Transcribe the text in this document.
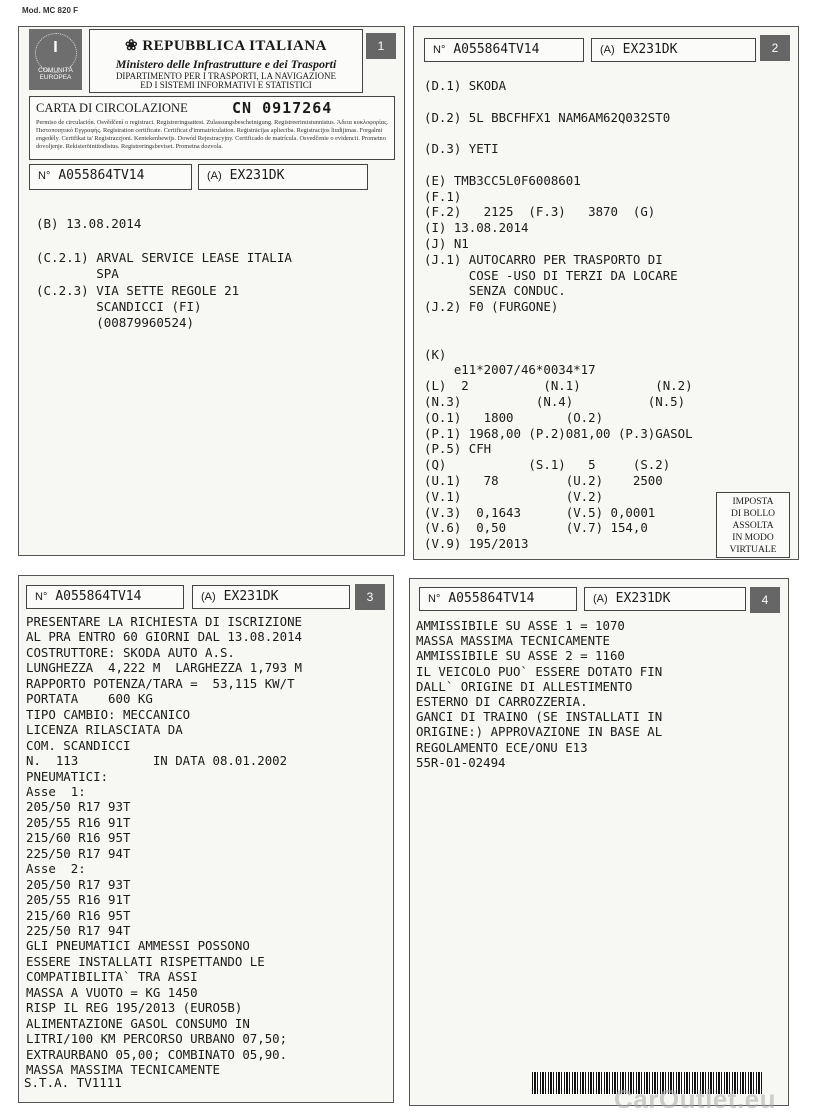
Mod. MC 820 F
1
I
COMUNITÀ
EUROPEA
❀ REPUBBLICA ITALIANA
Ministero delle Infrastrutture e dei Trasporti
DIPARTIMENTO PER I TRASPORTI, LA NAVIGAZIONE
ED I SISTEMI INFORMATIVI E STATISTICI
CARTA DI CIRCOLAZIONE	CN 0917264
Permiso de circulación. Osvědčení o registraci. Registreringsattest. Zulassungsbescheinigung. Registreerimistunnistus. Άδεια κυκλοφορίας. Πιστοποιητικό Εγγραφής. Registration certificate. Certificat d'immatriculation. Reģistrācijas apliecība. Registracijos liudijimas. Forgalmi engedély. Certifikat ta' Registrazzjoni. Kentekenbewijs. Dowód Rejestracyjny. Certificado de matrícula. Osvedčenie o evidencii. Prometno dovoljenje. Rekisteröintitodistus. Registreringsbeviset. Prometna dozvola.
N° A055864TV14	(A) EX231DK
(B) 13.08.2014
(C.2.1) ARVAL SERVICE LEASE ITALIA
SPA
(C.2.3) VIA SETTE REGOLE 21
SCANDICCI (FI)
(00879960524)
2
N° A055864TV14	(A) EX231DK
(D.1) SKODA
(D.2) 5L BBCFHFX1 NAM6AM62Q032ST0
(D.3) YETI
(E) TMB3CC5L0F6008601
(F.1)
(F.2)   2125  (F.3)   3870  (G)
(I) 13.08.2014
(J) N1
(J.1) AUTOCARRO PER TRASPORTO DI
COSE -USO DI TERZI DA LOCARE
SENZA CONDUC.
(J.2) F0 (FURGONE)
(K)
e11*2007/46*0034*17
(L)  2          (N.1)          (N.2)
(N.3)          (N.4)          (N.5)
(O.1)   1800       (O.2)
(P.1) 1968,00 (P.2)081,00 (P.3)GASOL
(P.5) CFH
(Q)           (S.1)   5     (S.2)
(U.1)   78         (U.2)    2500
(V.1)              (V.2)
(V.3)  0,1643      (V.5) 0,0001
(V.6)  0,50        (V.7) 154,0
(V.9) 195/2013
IMPOSTA
DI BOLLO
ASSOLTA
IN MODO
VIRTUALE
3
N° A055864TV14	(A) EX231DK
PRESENTARE LA RICHIESTA DI ISCRIZIONE
AL PRA ENTRO 60 GIORNI DAL 13.08.2014
COSTRUTTORE: SKODA AUTO A.S.
LUNGHEZZA  4,222 M  LARGHEZZA 1,793 M
RAPPORTO POTENZA/TARA =  53,115 KW/T
PORTATA    600 KG
TIPO CAMBIO: MECCANICO
LICENZA RILASCIATA DA
COM. SCANDICCI
N.  113          IN DATA 08.01.2002
PNEUMATICI:
Asse  1:
205/50 R17 93T
205/55 R16 91T
215/60 R16 95T
225/50 R17 94T
Asse  2:
205/50 R17 93T
205/55 R16 91T
215/60 R16 95T
225/50 R17 94T
GLI PNEUMATICI AMMESSI POSSONO
ESSERE INSTALLATI RISPETTANDO LE
COMPATIBILITA` TRA ASSI
MASSA A VUOTO = KG 1450
RISP IL REG 195/2013 (EURO5B)
ALIMENTAZIONE GASOL CONSUMO IN
LITRI/100 KM PERCORSO URBANO 07,50;
EXTRAURBANO 05,00; COMBINATO 05,90.
MASSA MASSIMA TECNICAMENTE
S.T.A. TV1111
4
N° A055864TV14	(A) EX231DK
AMMISSIBILE SU ASSE 1 = 1070
MASSA MASSIMA TECNICAMENTE
AMMISSIBILE SU ASSE 2 = 1160
IL VEICOLO PUO` ESSERE DOTATO FIN
DALL` ORIGINE DI ALLESTIMENTO
ESTERNO DI CARROZZERIA.
GANCI DI TRAINO (SE INSTALLATI IN
ORIGINE:) APPROVAZIONE IN BASE AL
REGOLAMENTO ECE/ONU E13
55R-01-02494
CarOutlet.eu
